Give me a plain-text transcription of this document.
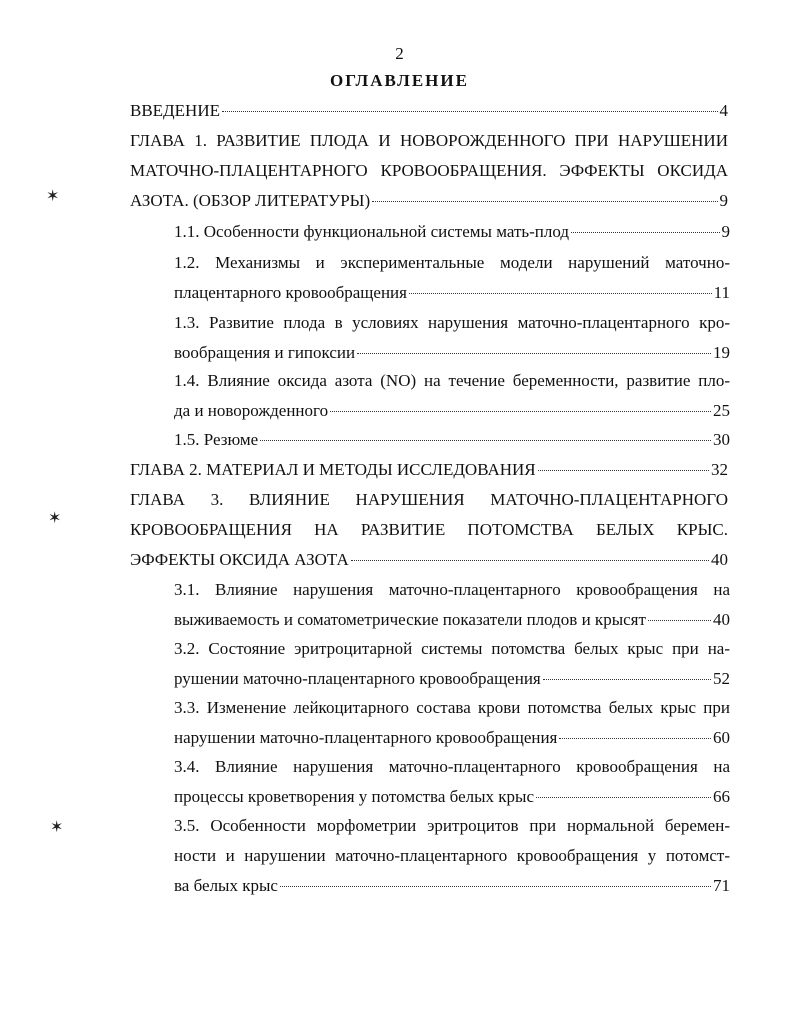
2
ОГЛАВЛЕНИЕ
✶
✶
✶
ВВЕДЕНИЕ	4
ГЛАВА 1. РАЗВИТИЕ ПЛОДА И НОВОРОЖДЕННОГО ПРИ НАРУШЕНИИ
МАТОЧНО-ПЛАЦЕНТАРНОГО КРОВООБРАЩЕНИЯ. ЭФФЕКТЫ ОКСИДА
АЗОТА. (ОБЗОР ЛИТЕРАТУРЫ)	9
1.1. Особенности функциональной системы мать-плод	9
1.2. Механизмы и экспериментальные модели нарушений маточно-
плацентарного кровообращения	11
1.3. Развитие плода в условиях нарушения маточно-плацентарного кро-
вообращения и гипоксии	19
1.4. Влияние оксида азота (NO) на течение беременности, развитие пло-
да и новорожденного	25
1.5. Резюме	30
ГЛАВА 2. МАТЕРИАЛ И МЕТОДЫ ИССЛЕДОВАНИЯ	32
ГЛАВА 3. ВЛИЯНИЕ НАРУШЕНИЯ МАТОЧНО-ПЛАЦЕНТАРНОГО
КРОВООБРАЩЕНИЯ НА РАЗВИТИЕ ПОТОМСТВА БЕЛЫХ КРЫС.
ЭФФЕКТЫ ОКСИДА АЗОТА	40
3.1. Влияние нарушения маточно-плацентарного кровообращения на
выживаемость и соматометрические показатели плодов и крысят	40
3.2. Состояние эритроцитарной системы потомства белых крыс при на-
рушении маточно-плацентарного кровообращения	52
3.3. Изменение лейкоцитарного состава крови потомства белых крыс при
нарушении маточно-плацентарного кровообращения	60
3.4. Влияние нарушения маточно-плацентарного кровообращения на
процессы кроветворения у потомства белых крыс	66
3.5. Особенности морфометрии эритроцитов при нормальной беремен-
ности и нарушении маточно-плацентарного кровообращения у потомст-
ва белых крыс	71
